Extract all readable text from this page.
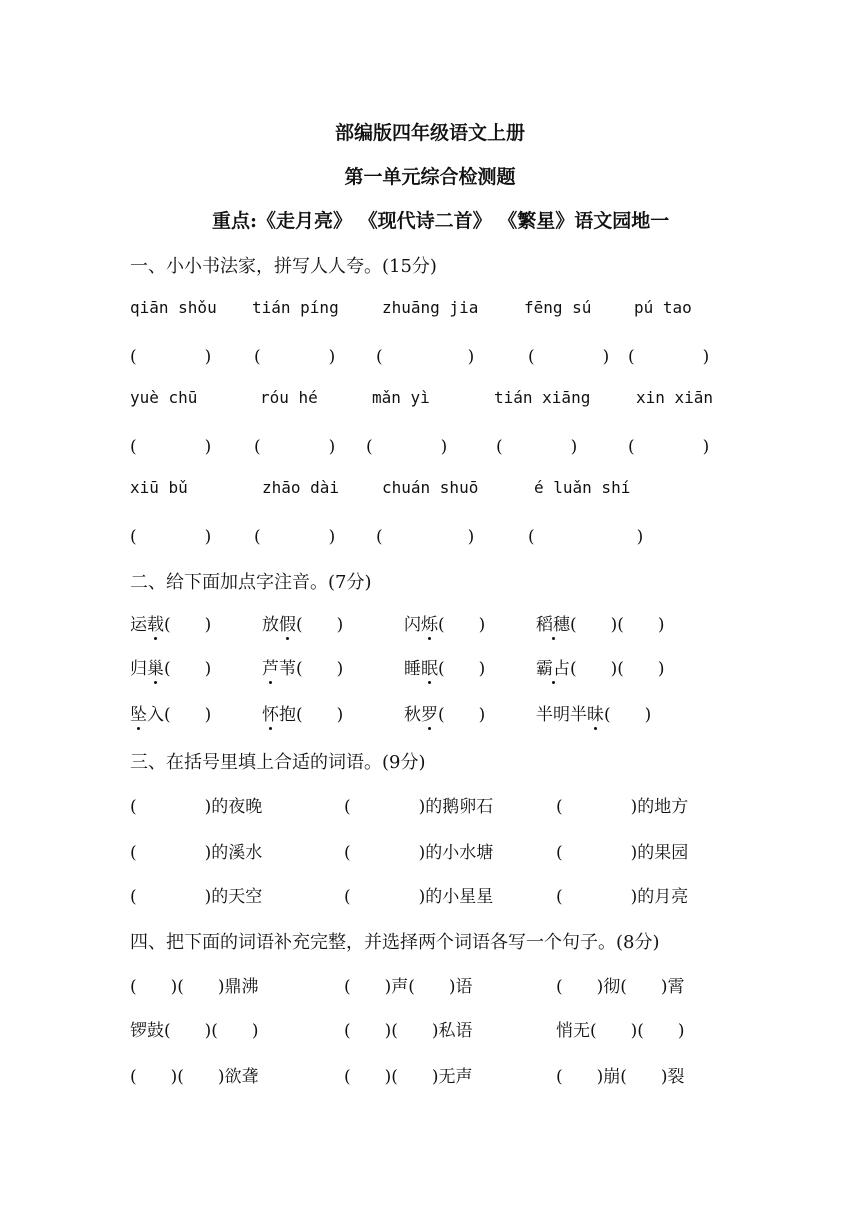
部编版四年级语文上册
第一单元综合检测题
重点:《走月亮》 《现代诗二首》 《繁星》语文园地一
一、小小书法家，拼写人人夸。(15分)
qiān shǒu tián píng	zhuāng jia	fēng sú	pú tao
(　　　　)	(　　　　) (　　　　　)	(　　　　) (　　　　)
yuè chū	róu hé	mǎn yì	tián xiāng	xin xiān
(　　　　)	(　　　　) (　　　　)	(　　　　)	(　　　　)
xiū bǔ	zhāo dài	chuán shuō	é luǎn shí
(　　　　)	(　　　　) (　　　　　)	(　　　　　　)
二、给下面加点字注音。(7分)
运载(　　)	放假(　　)	闪烁(　　)	稻穗(　　)(　　)
归巢(　　)	芦苇(　　)	睡眠(　　)	霸占(　　)(　　)
坠入(　　)	怀抱(　　)	秋罗(　　)	半明半昧(　　)
三、在括号里填上合适的词语。(9分)
(　　　　)的夜晚	(　　　　)的鹅卵石	(　　　　)的地方
(　　　　)的溪水	(　　　　)的小水塘	(　　　　)的果园
(　　　　)的天空	(　　　　)的小星星	(　　　　)的月亮
四、把下面的词语补充完整，并选择两个词语各写一个句子。(8分)
(　　)(　　)鼎沸	(　　)声(　　)语	(　　)彻(　　)霄
锣鼓(　　)(　　)	(　　)(　　)私语	悄无(　　)(　　)
(　　)(　　)欲聋	(　　)(　　)无声	(　　)崩(　　)裂
